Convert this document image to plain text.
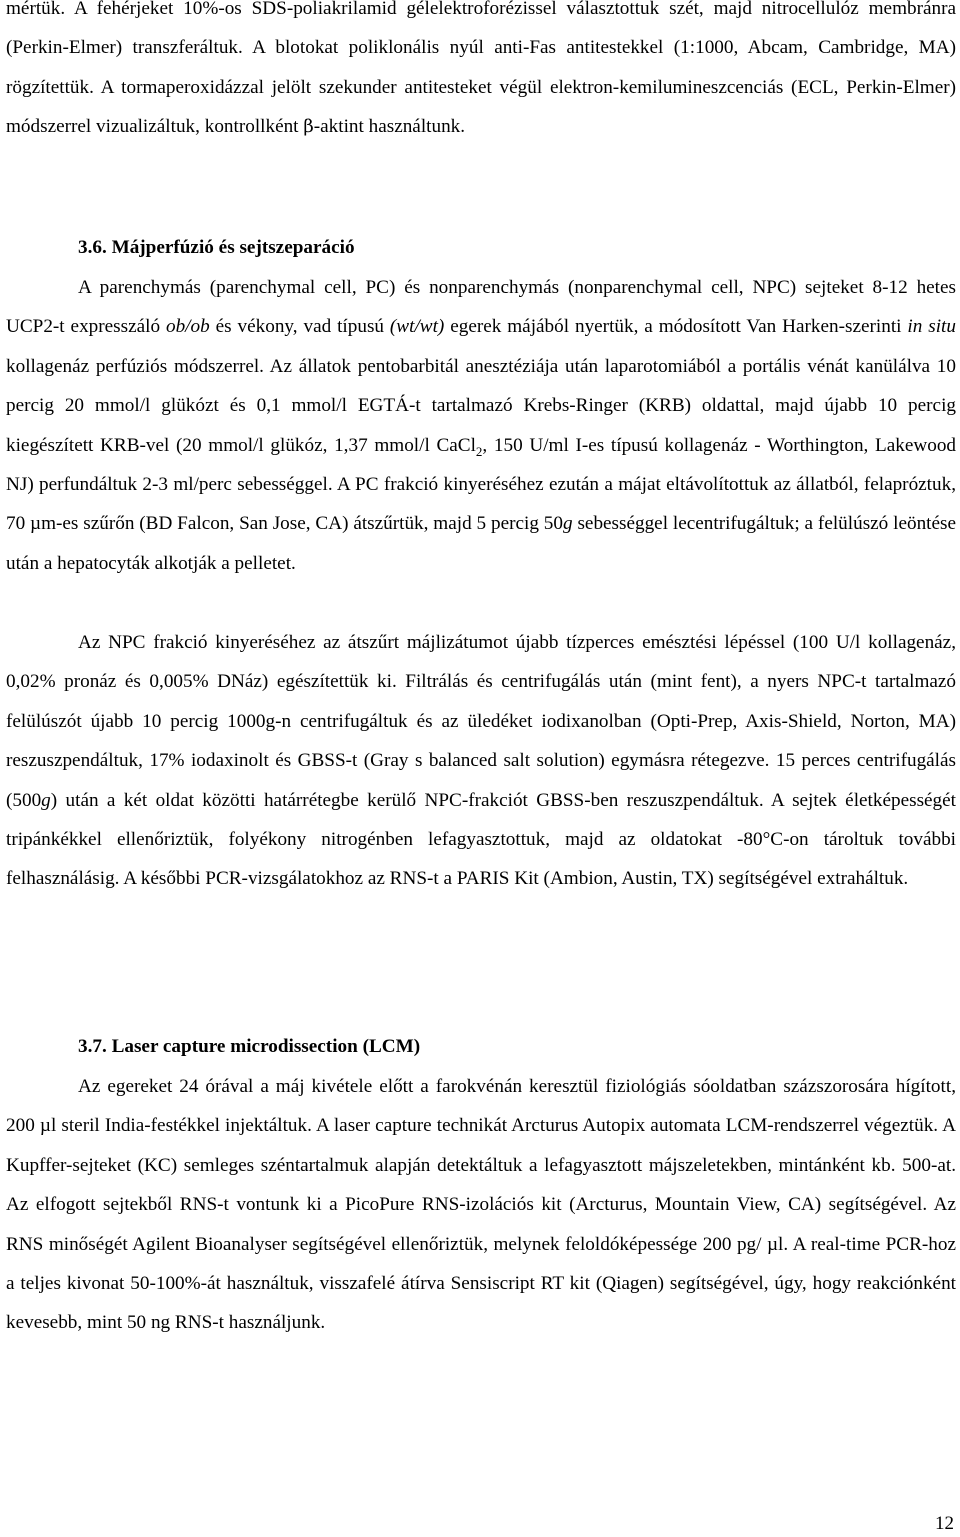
mértük. A fehérjeket 10%-os SDS-poliakrilamid gélelektroforézissel választottuk szét, majd nitrocellulóz membránra (Perkin-Elmer) transzferáltuk. A blotokat poliklonális nyúl anti-Fas antitestekkel (1:1000, Abcam, Cambridge, MA) rögzítettük. A tormaperoxidázzal jelölt szekunder antitesteket végül elektron-kemilumineszcenciás (ECL, Perkin-Elmer) módszerrel vizualizáltuk, kontrollként β-aktint használtunk.

3.6. Májperfúzió és sejtszeparáció

A parenchymás (parenchymal cell, PC) és nonparenchymás (nonparenchymal cell, NPC) sejteket 8-12 hetes UCP2-t expresszáló ob/ob és vékony, vad típusú (wt/wt) egerek májából nyertük, a módosított Van Harken-szerinti in situ kollagenáz perfúziós módszerrel. Az állatok pentobarbitál anesztéziája után laparotomiából a portális vénát kanülálva 10 percig 20 mmol/l glükózt és 0,1 mmol/l EGTÁ-t tartalmazó Krebs-Ringer (KRB) oldattal, majd újabb 10 percig kiegészített KRB-vel (20 mmol/l glükóz, 1,37 mmol/l CaCl$_2$, 150 U/ml I-es típusú kollagenáz - Worthington, Lakewood NJ) perfundáltuk 2-3 ml/perc sebességgel. A PC frakció kinyeréséhez ezután a májat eltávolítottuk az állatból, felapróztuk, 70 µm-es szűrőn (BD Falcon, San Jose, CA) átszűrtük, majd 5 percig 50g sebességgel lecentrifugáltuk; a felülúszó leöntése után a hepatocyták alkotják a pelletet.

Az NPC frakció kinyeréséhez az átszűrt májlizátumot újabb tízperces emésztési lépéssel (100 U/l kollagenáz, 0,02% pronáz és 0,005% DNáz) egészítettük ki. Filtrálás és centrifugálás után (mint fent), a nyers NPC-t tartalmazó felülúszót újabb 10 percig 1000g-n centrifugáltuk és az üledéket iodixanolban (Opti-Prep, Axis-Shield, Norton, MA) reszuszpendáltuk, 17% iodaxinolt és GBSS-t (Gray s balanced salt solution) egymásra rétegezve. 15 perces centrifugálás (500g) után a két oldat közötti határrétegbe kerülő NPC-frakciót GBSS-ben reszuszpendáltuk. A sejtek életképességét tripánkékkel ellenőriztük, folyékony nitrogénben lefagyasztottuk, majd az oldatokat -80°C-on tároltuk további felhasználásig. A későbbi PCR-vizsgálatokhoz az RNS-t a PARIS Kit (Ambion, Austin, TX) segítségével extraháltuk.

3.7. Laser capture microdissection (LCM)

Az egereket 24 órával a máj kivétele előtt a farokvénán keresztül fiziológiás sóoldatban százszorosára hígított, 200 µl steril India-festékkel injektáltuk. A laser capture technikát Arcturus Autopix automata LCM-rendszerrel végeztük. A Kupffer-sejteket (KC) semleges széntartalmuk alapján detektáltuk a lefagyasztott májszeletekben, mintánként kb. 500-at. Az elfogott sejtekből RNS-t vontunk ki a PicoPure RNS-izolációs kit (Arcturus, Mountain View, CA) segítségével. Az RNS minőségét Agilent Bioanalyser segítségével ellenőriztük, melynek feloldóképessége 200 pg/ µl. A real-time PCR-hoz a teljes kivonat 50-100%-át használtuk, visszafelé átírva Sensiscript RT kit (Qiagen) segítségével, úgy, hogy reakciónként kevesebb, mint 50 ng RNS-t használjunk.

12
